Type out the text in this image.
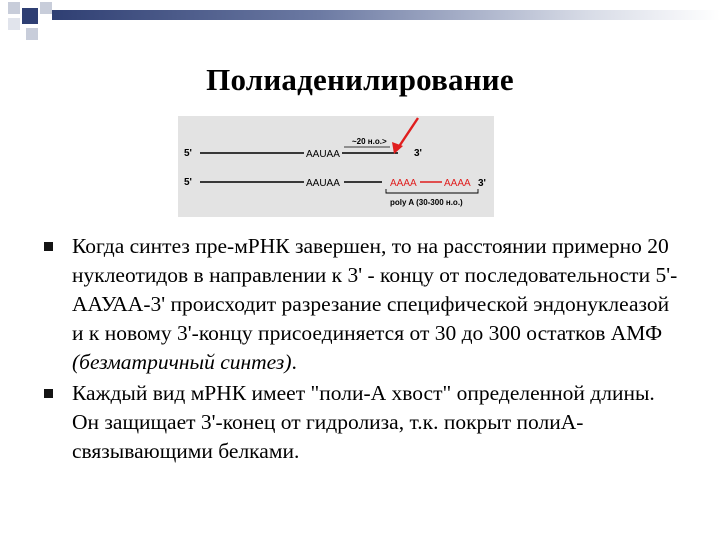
Полиаденилирование
5'	AAUAA	3'
~20 н.о.>
5'	AAUAA	AAAA	AAAA 3'
poly A (30-300 н.о.)
Когда синтез пре-мРНК завершен, то на расстоянии примерно 20 нуклеотидов в направлении к 3' - концу от последовательности 5'-ААУАА-3' происходит разрезание специфической эндонуклеазой и к новому 3'-концу присоединяется от 30 до 300 остатков АМФ (безматричный синтез).
Каждый вид мРНК имеет "поли-А хвост" определенной длины. Он защищает 3'-конец от гидролиза, т.к. покрыт полиА-связывающими белками.
